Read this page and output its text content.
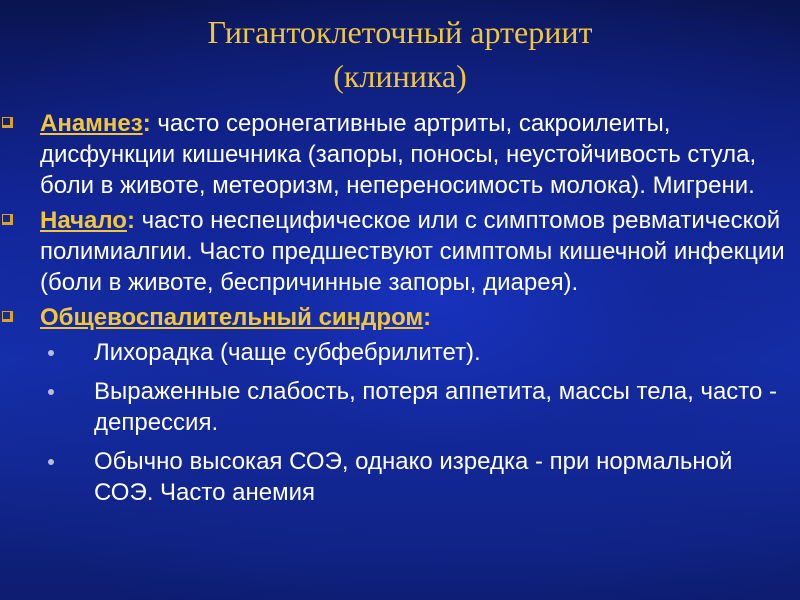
Гигантоклеточный артериит
(клиника)
Анамнез: часто серонегативные артриты, сакроилеиты, дисфункции кишечника (запоры, поносы, неустойчивость стула, боли в животе, метеоризм, непереносимость молока). Мигрени.
Начало: часто неспецифическое или с симптомов ревматической полимиалгии. Часто предшествуют симптомы кишечной инфекции (боли в животе, беспричинные запоры, диарея).
Общевоспалительный синдром:
Лихорадка (чаще субфебрилитет).
Выраженные слабость, потеря аппетита, массы тела, часто - депрессия.
Обычно высокая СОЭ, однако изредка - при нормальной СОЭ. Часто анемия
